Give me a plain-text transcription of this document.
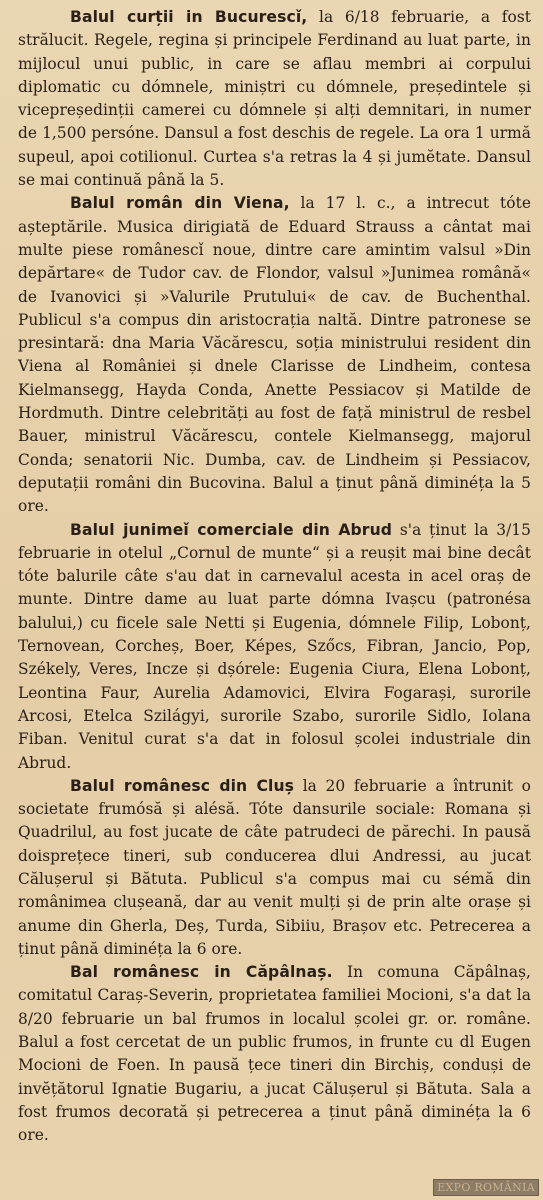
Balul curții in Bucurescǐ, la 6/18 februarie, a fost strălucit. Regele, regina și principele Ferdinand au luat parte, in mijlocul unui public, in care se aflau membri ai corpului diplomatic cu dómnele, miniștri cu dómnele, președintele și vicepreședinții camerei cu dómnele și alți demnitari, in numer de 1,500 persóne. Dansul a fost deschis de regele. La ora 1 urmă supeul, apoi cotilionul. Curtea s'a retras la 4 și jumĕtate. Dansul se mai continuă până la 5.

Balul român din Viena, la 17 l. c., a intrecut tóte așteptările. Musica dirigiată de Eduard Strauss a cântat mai multe piese românescǐ noue, dintre care amintim valsul »Din depărtare« de Tudor cav. de Flondor, valsul »Junimea română« de Ivanovici și »Valurile Prutului« de cav. de Buchenthal. Publicul s'a compus din aristocrația naltă. Dintre patronese se presintară: dna Maria Văcărescu, soția ministrului resident din Viena al României și dnele Clarisse de Lindheim, contesa Kielmansegg, Hayda Conda, Anette Pessiacov și Matilde de Hordmuth. Dintre celebrități au fost de față ministrul de resbel Bauer, ministrul Văcărescu, contele Kielmansegg, majorul Conda; senatorii Nic. Dumba, cav. de Lindheim și Pessiacov, deputații români din Bucovina. Balul a ținut până diminéța la 5 ore.

Balul junimeǐ comerciale din Abrud s'a ținut la 3/15 februarie in otelul „Cornul de munte“ și a reușit mai bine decât tóte balurile câte s'au dat in carnevalul acesta in acel oraș de munte. Dintre dame au luat parte dómna Ivașcu (patronésa balului,) cu ficele sale Netti și Eugenia, dómnele Filip, Lobonț, Ternovean, Corcheș, Boer, Képes, Szőcs, Fibran, Jancio, Pop, Székely, Veres, Incze și dșórele: Eugenia Ciura, Elena Lobonț, Leontina Faur, Aurelia Adamovici, Elvira Fogarași, surorile Arcosi, Etelca Szilágyi, surorile Szabo, surorile Sidlo, Iolana Fiban. Venitul curat s'a dat in folosul școlei industriale din Abrud.

Balul românesc din Cluș la 20 februarie a întrunit o societate frumósă și alésă. Tóte dansurile sociale: Romana și Quadrilul, au fost jucate de câte patrudeci de părechi. In pausă doisprețece tineri, sub conducerea dlui Andressi, au jucat Călușerul și Bătuta. Publicul s'a compus mai cu sémă din românimea clușeană, dar au venit mulți și de prin alte orașe și anume din Gherla, Deș, Turda, Sibiiu, Brașov etc. Petrecerea a ținut până diminéța la 6 ore.

Bal românesc in Căpâlnaș. In comuna Căpâlnaș, comitatul Caraș-Severin, proprietatea familiei Mocioni, s'a dat la 8/20 februarie un bal frumos in localul școlei gr. or. române. Balul a fost cercetat de un public frumos, in frunte cu dl Eugen Mocioni de Foen. In pausă țece tineri din Birchiș, conduși de invĕțătorul Ignatie Bugariu, a jucat Călușerul și Bătuta. Sala a fost frumos decorată și petrecerea a ținut până diminéța la 6 ore.

EXPO ROMÂNIA
